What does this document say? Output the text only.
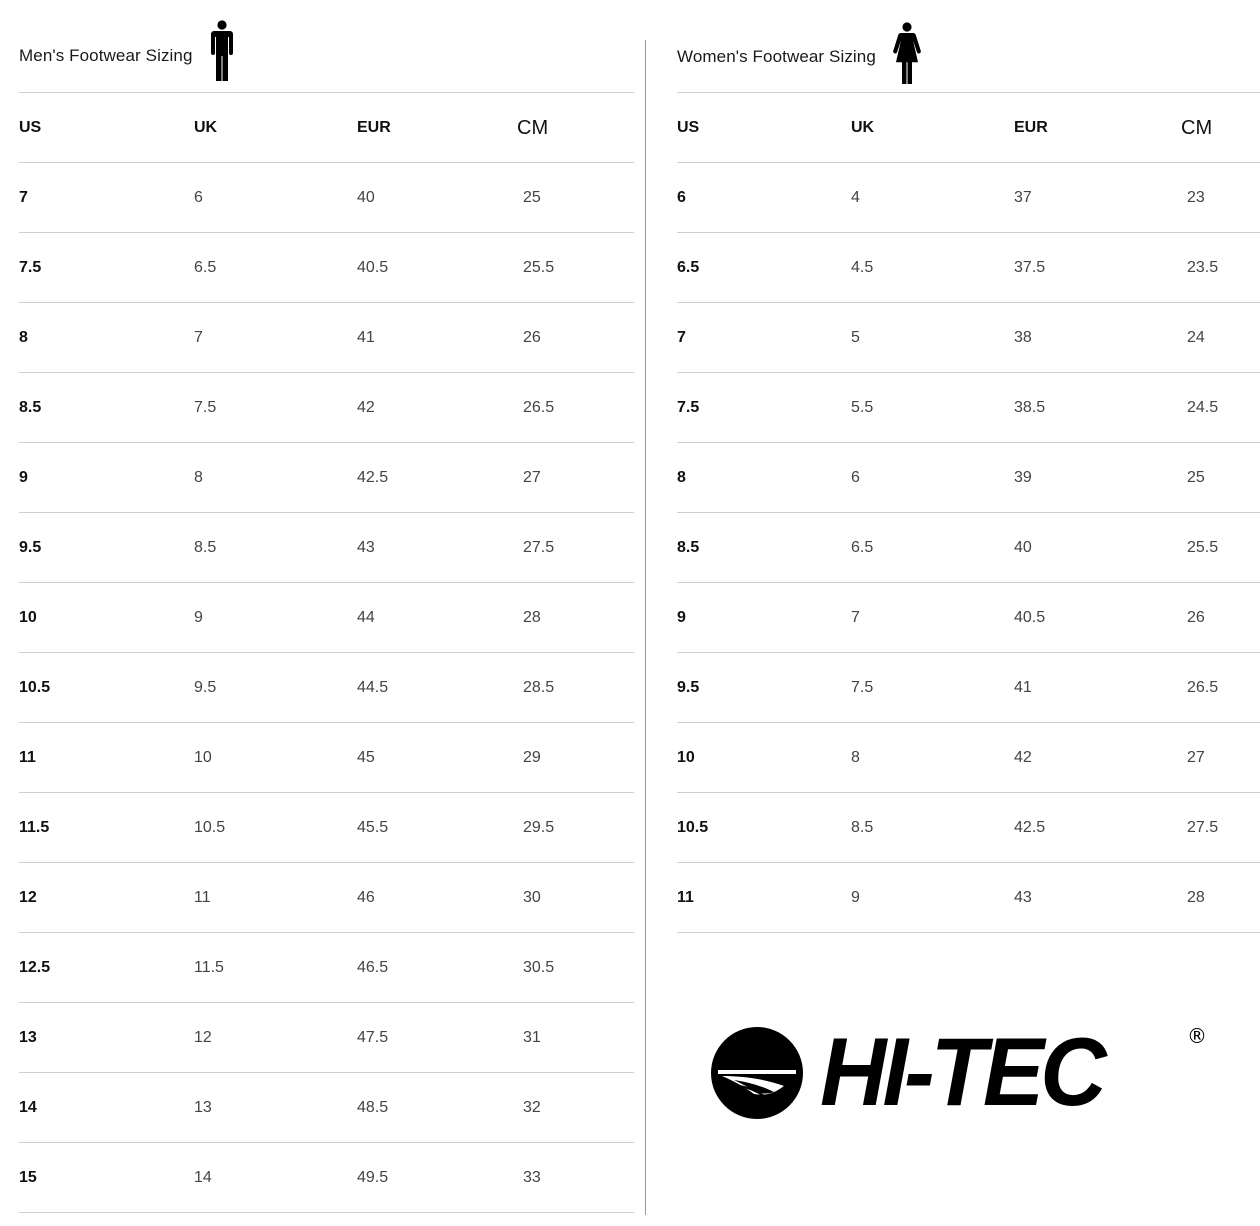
Men's Footwear Sizing
US	UK	EUR	CM
7	6	40	25
7.5	6.5	40.5	25.5
8	7	41	26
8.5	7.5	42	26.5
9	8	42.5	27
9.5	8.5	43	27.5
10	9	44	28
10.5	9.5	44.5	28.5
11	10	45	29
11.5	10.5	45.5	29.5
12	11	46	30
12.5	11.5	46.5	30.5
13	12	47.5	31
14	13	48.5	32
15	14	49.5	33
Women's Footwear Sizing
US	UK	EUR	CM
6	4	37	23
6.5	4.5	37.5	23.5
7	5	38	24
7.5	5.5	38.5	24.5
8	6	39	25
8.5	6.5	40	25.5
9	7	40.5	26
9.5	7.5	41	26.5
10	8	42	27
10.5	8.5	42.5	27.5
11	9	43	28
HI-TEC	®
